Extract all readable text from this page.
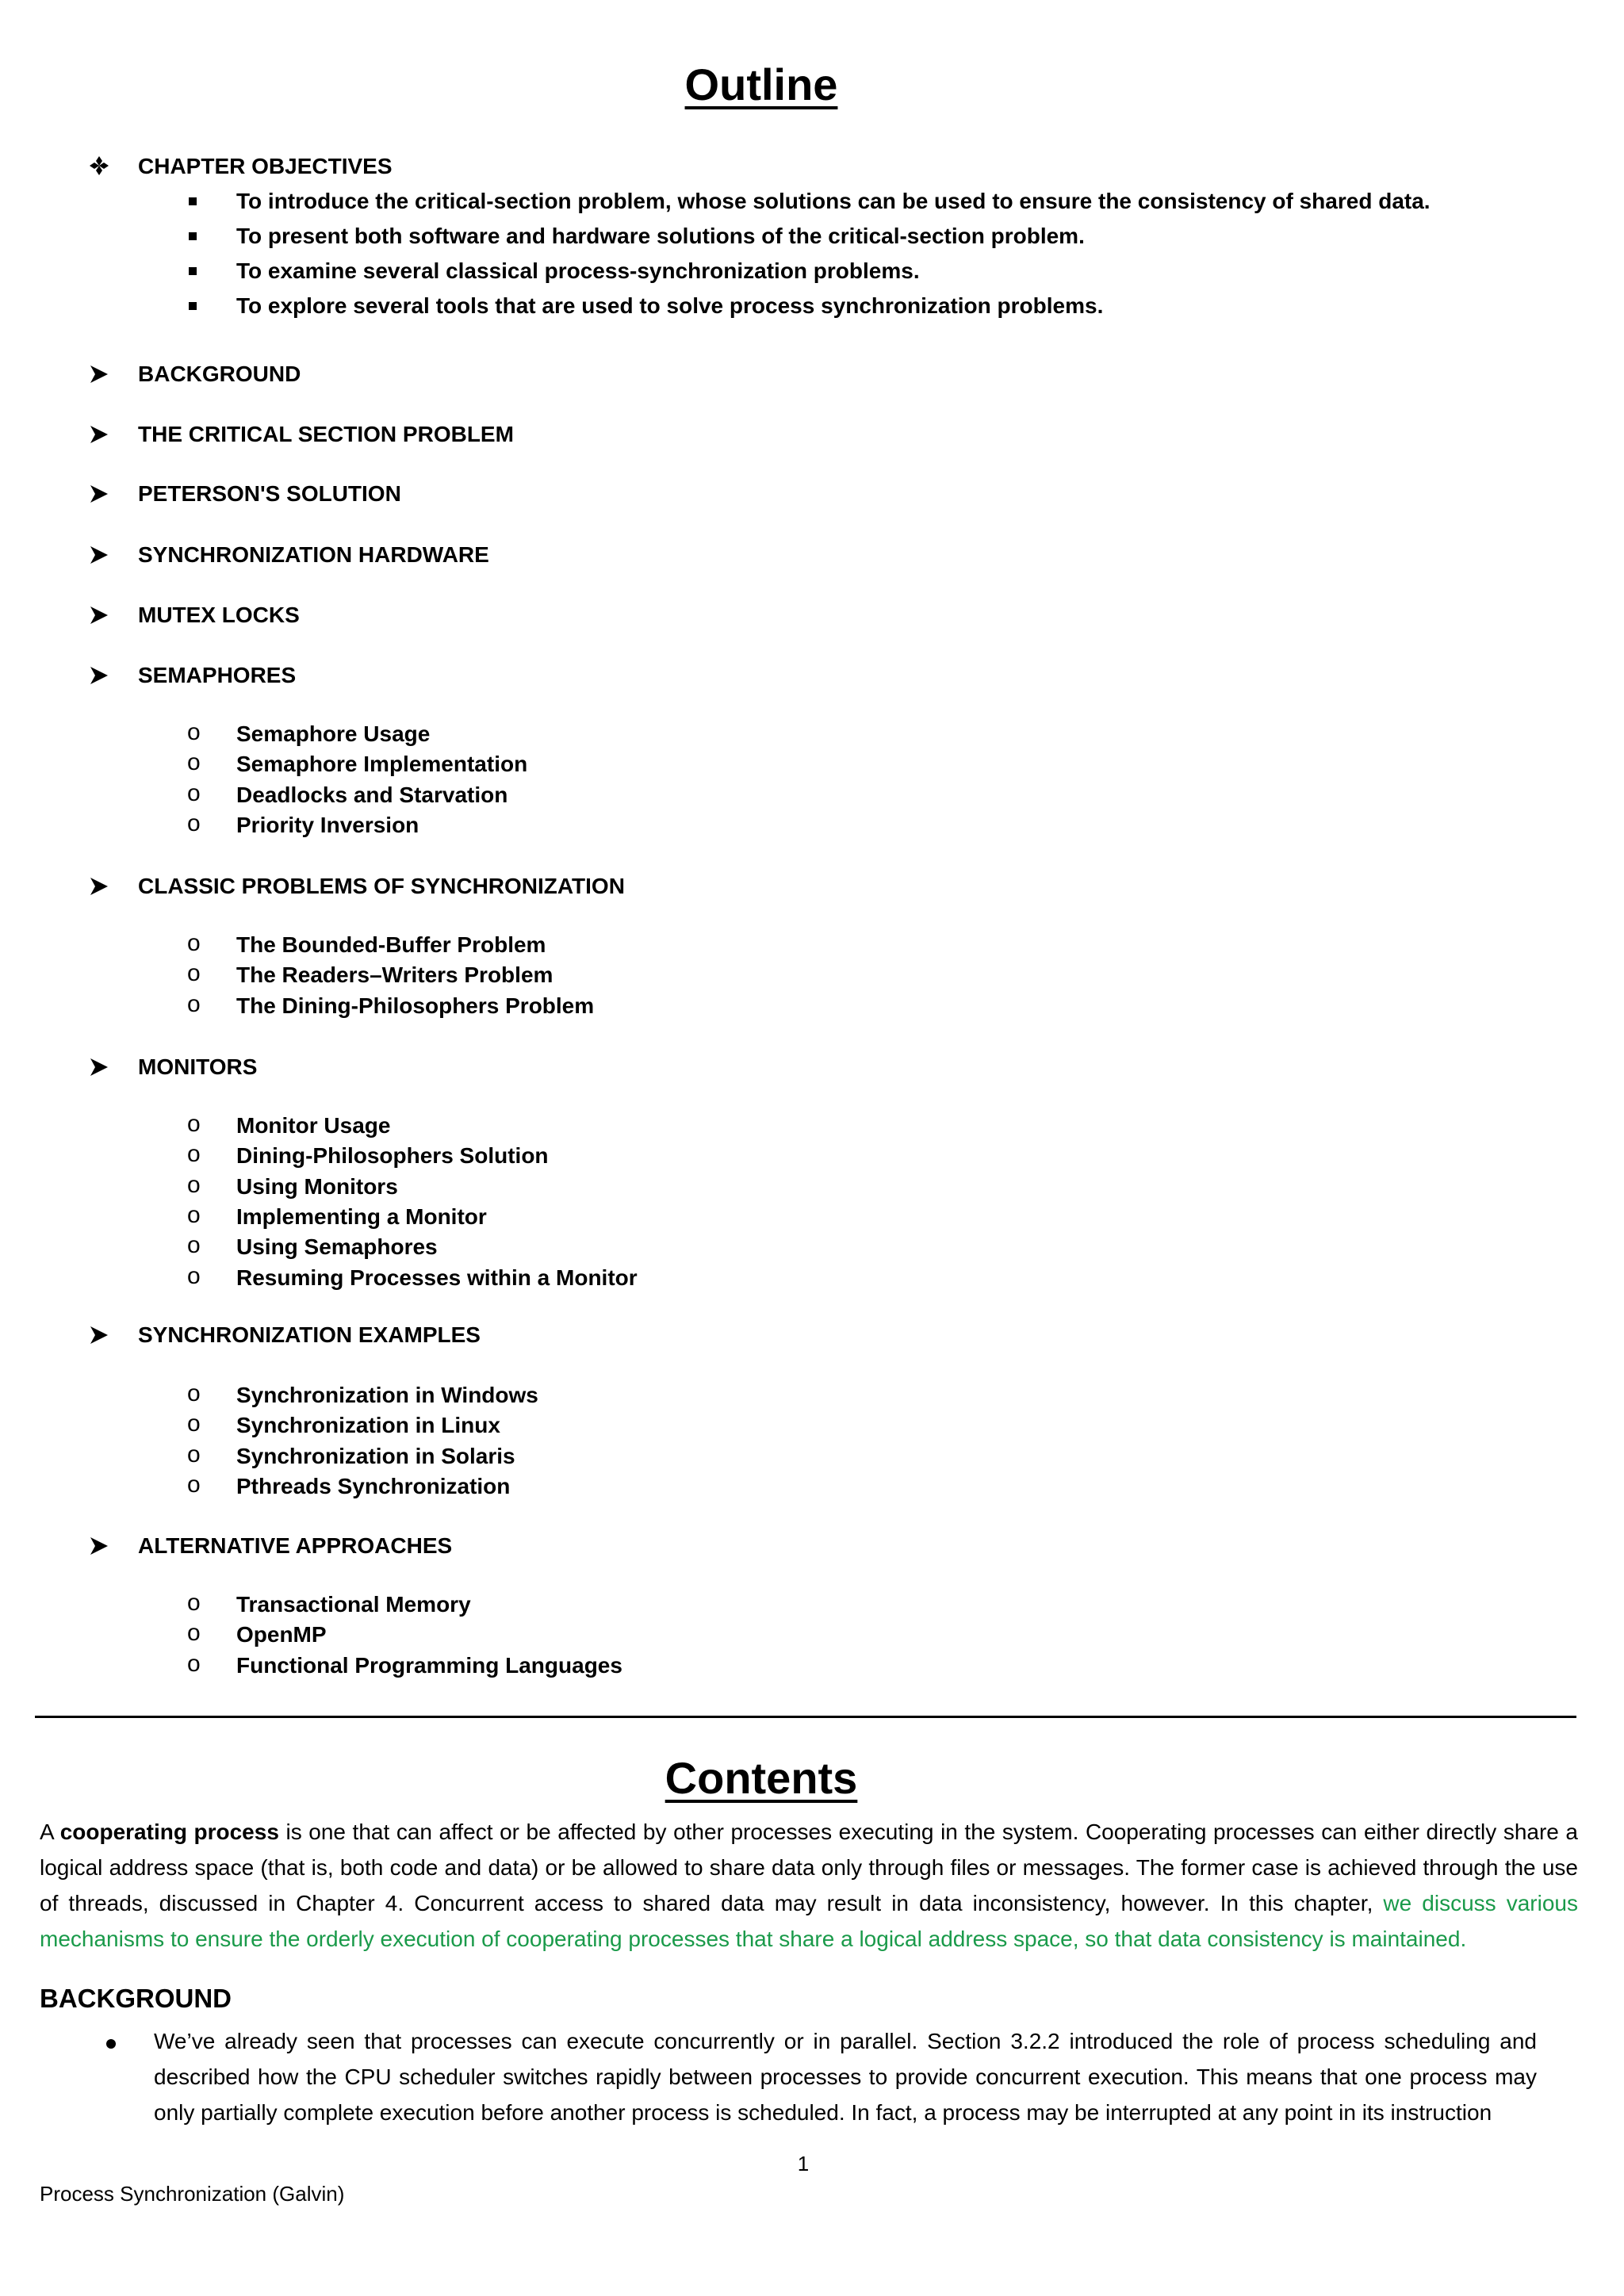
Outline
CHAPTER OBJECTIVES
To introduce the critical-section problem, whose solutions can be used to ensure the consistency of shared data.
To present both software and hardware solutions of the critical-section problem.
To examine several classical process-synchronization problems.
To explore several tools that are used to solve process synchronization problems.
BACKGROUND
THE CRITICAL SECTION PROBLEM
PETERSON'S SOLUTION
SYNCHRONIZATION HARDWARE
MUTEX LOCKS
SEMAPHORES
o Semaphore Usage
o Semaphore Implementation
o Deadlocks and Starvation
o Priority Inversion
CLASSIC PROBLEMS OF SYNCHRONIZATION
o The Bounded-Buffer Problem
o The Readers–Writers Problem
o The Dining-Philosophers Problem
MONITORS
o Monitor Usage
o Dining-Philosophers Solution
o Using Monitors
o Implementing a Monitor
o Using Semaphores
o Resuming Processes within a Monitor
SYNCHRONIZATION EXAMPLES
o Synchronization in Windows
o Synchronization in Linux
o Synchronization in Solaris
o Pthreads Synchronization
ALTERNATIVE APPROACHES
o Transactional Memory
o OpenMP
o Functional Programming Languages
Contents
A cooperating process is one that can affect or be affected by other processes executing in the system. Cooperating processes can either directly share a logical address space (that is, both code and data) or be allowed to share data only through files or messages. The former case is achieved through the use of threads, discussed in Chapter 4. Concurrent access to shared data may result in data inconsistency, however. In this chapter, we discuss various mechanisms to ensure the orderly execution of cooperating processes that share a logical address space, so that data consistency is maintained.
BACKGROUND
We’ve already seen that processes can execute concurrently or in parallel. Section 3.2.2 introduced the role of process scheduling and described how the CPU scheduler switches rapidly between processes to provide concurrent execution. This means that one process may only partially complete execution before another process is scheduled. In fact, a process may be interrupted at any point in its instruction
1
Process Synchronization (Galvin)
